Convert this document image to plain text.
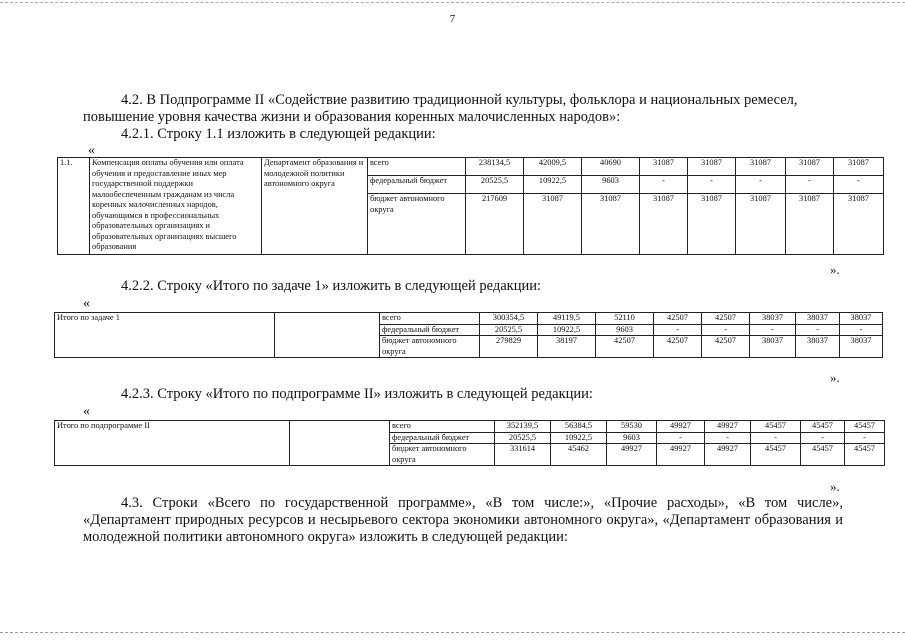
7
4.2. В Подпрограмме II «Содействие развитию традиционной культуры, фольклора и национальных ремесел, повышение уровня качества жизни и образования коренных малочисленных народов»:
4.2.1. Строку 1.1 изложить в следующей редакции:
«
1.1.	Компенсация оплаты обучения или оплата обучения и предоставление иных мер государственной поддержки малообеспеченным гражданам из числа коренных малочисленных народов, обучающимся в профессиональных образовательных организациях и образовательных организациях высшего образования	Департамент образования и молодежной политики автономного округа	всего	238134,5	42009,5	40690	31087	31087	31087	31087	31087
			федеральный бюджет	20525,5	10922,5	9603	-	-	-	-	-
			бюджет автономного округа	217609	31087	31087	31087	31087	31087	31087	31087
».
4.2.2. Строку «Итого по задаче 1» изложить в следующей редакции:
«
Итого по задаче 1		всего	300354,5	49119,5	52110	42507	42507	38037	38037	38037
		федеральный бюджет	20525,5	10922,5	9603	-	-	-	-	-
		бюджет автономного округа	279829	38197	42507	42507	42507	38037	38037	38037
».
4.2.3. Строку «Итого по подпрограмме II» изложить в следующей редакции:
«
Итого по подпрограмме II		всего	352139,5	56384,5	59530	49927	49927	45457	45457	45457
		федеральный бюджет	20525,5	10922,5	9603	-	-	-	-	-
		бюджет автономного округа	331614	45462	49927	49927	49927	45457	45457	45457
».
4.3. Строки «Всего по государственной программе», «В том числе:», «Прочие расходы», «В том числе», «Департамент природных ресурсов и несырьевого сектора экономики автономного округа», «Департамент образования и молодежной политики автономного округа» изложить в следующей редакции:
